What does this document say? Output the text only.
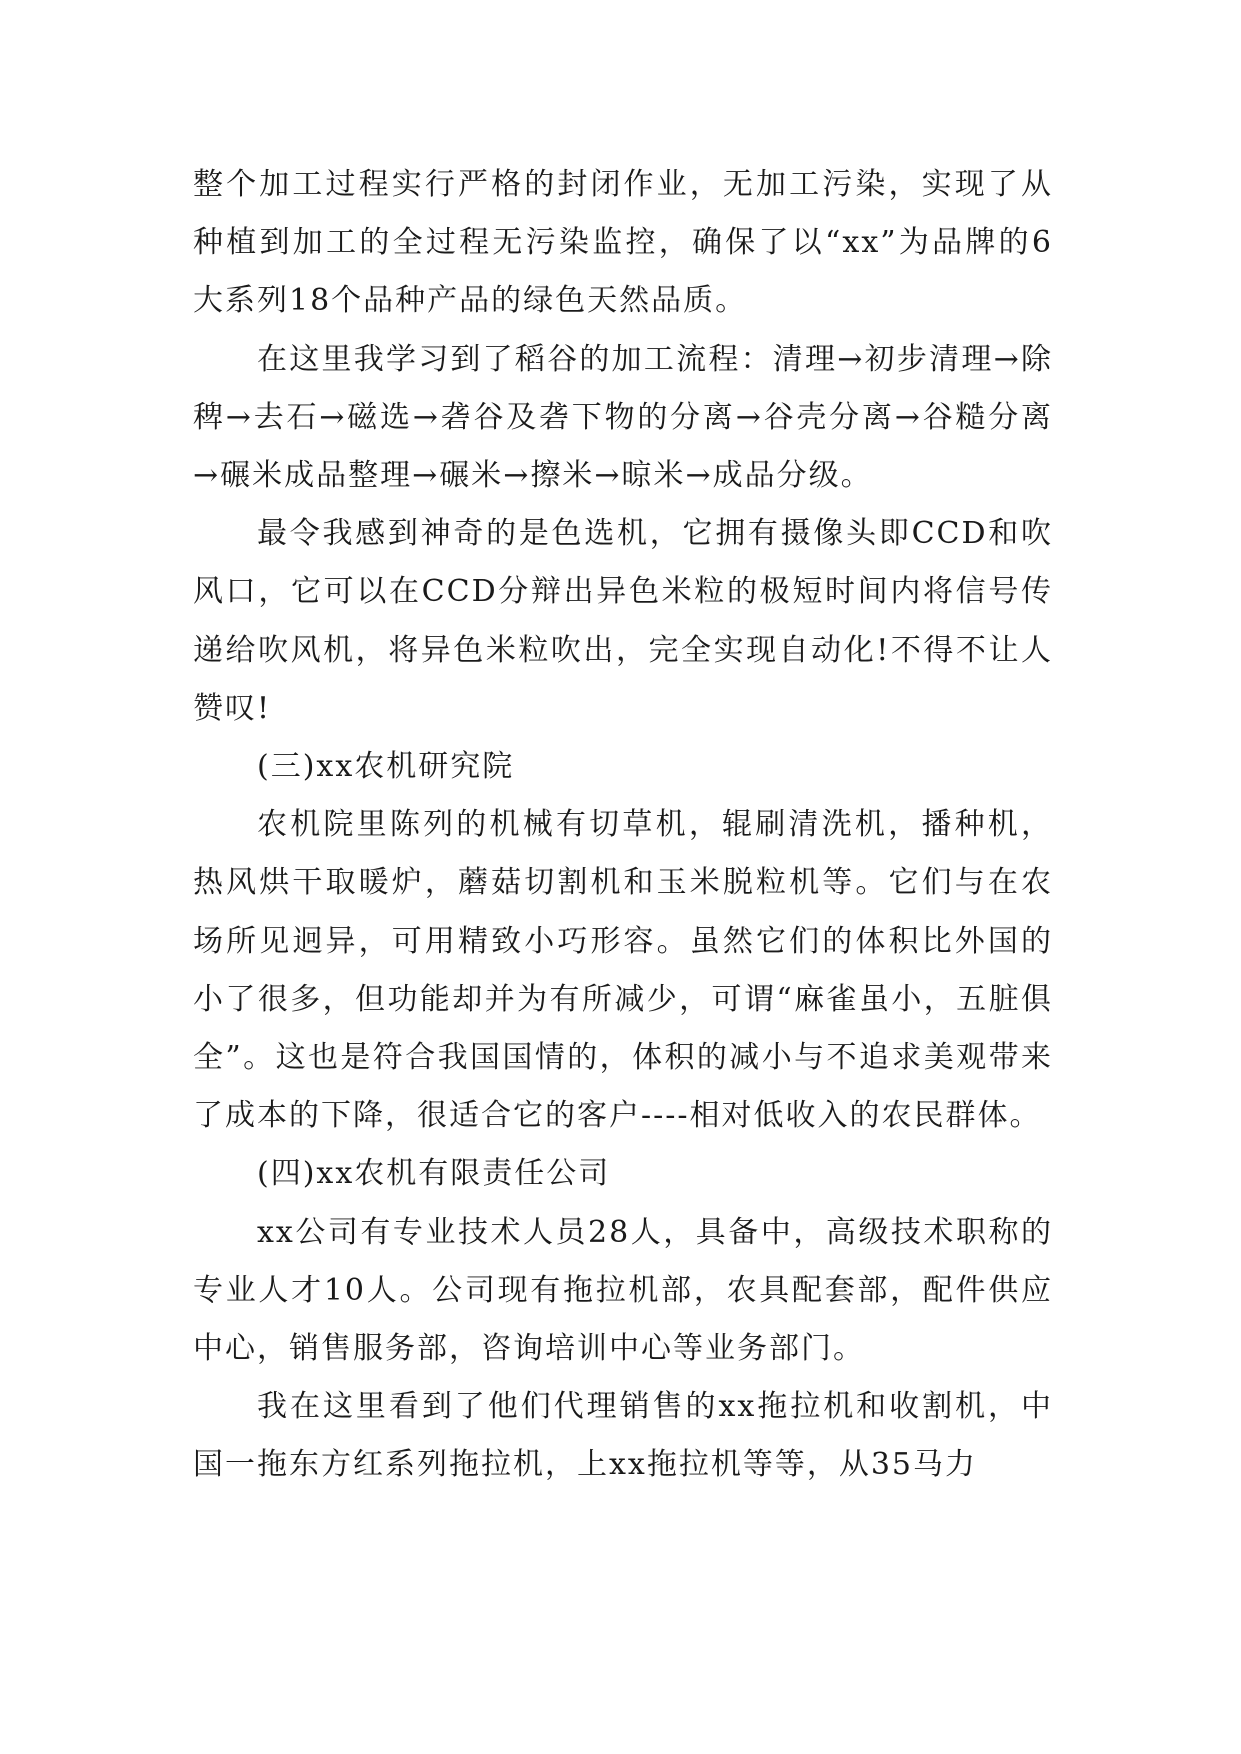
整个加工过程实行严格的封闭作业，无加工污染，实现了从种植到加工的全过程无污染监控，确保了以“xx”为品牌的6大系列18个品种产品的绿色天然品质。

在这里我学习到了稻谷的加工流程：清理→初步清理→除稗→去石→磁选→砻谷及砻下物的分离→谷壳分离→谷糙分离→碾米成品整理→碾米→擦米→晾米→成品分级。

最令我感到神奇的是色选机，它拥有摄像头即CCD和吹风口，它可以在CCD分辩出异色米粒的极短时间内将信号传递给吹风机，将异色米粒吹出，完全实现自动化!不得不让人赞叹!

(三)xx农机研究院

农机院里陈列的机械有切草机，辊刷清洗机，播种机，热风烘干取暖炉，蘑菇切割机和玉米脱粒机等。它们与在农场所见迥异，可用精致小巧形容。虽然它们的体积比外国的小了很多，但功能却并为有所减少，可谓“麻雀虽小，五脏俱全”。这也是符合我国国情的，体积的减小与不追求美观带来了成本的下降，很适合它的客户----相对低收入的农民群体。

(四)xx农机有限责任公司

xx公司有专业技术人员28人，具备中，高级技术职称的专业人才10人。公司现有拖拉机部，农具配套部，配件供应中心，销售服务部，咨询培训中心等业务部门。

我在这里看到了他们代理销售的xx拖拉机和收割机，中国一拖东方红系列拖拉机，上xx拖拉机等等，从35马力
